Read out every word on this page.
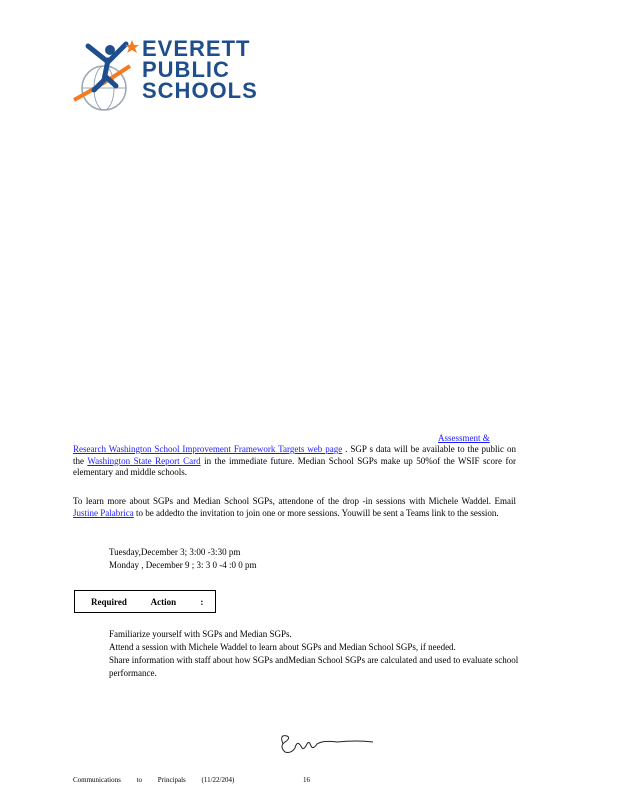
EVERETT
PUBLIC
SCHOOLS
Assessment &
Research Washington School Improvement Framework Targets web page . SGP s data will be available to the public on the Washington State Report Card in the immediate future. Median School SGPs make up 50%of the WSIF score for elementary and middle schools.
To learn more about SGPs and Median School SGPs, attendone of the drop -in sessions with Michele Waddel. Email Justine Palabrica to be addedto the invitation to join one or more sessions. Youwill be sent a Teams link to the session.
Tuesday,December 3; 3:00 -3:30 pm
Monday , December 9 ; 3: 3 0 -4 :0 0 pm
Required Action :
Familiarize yourself with SGPs and Median SGPs.
Attend a session with Michele Waddel to learn about SGPs and Median School SGPs, if needed.
Share information with staff about how SGPs andMedian School SGPs are calculated and used to evaluate school performance.
Communications to Principals (11/22/204)	16
